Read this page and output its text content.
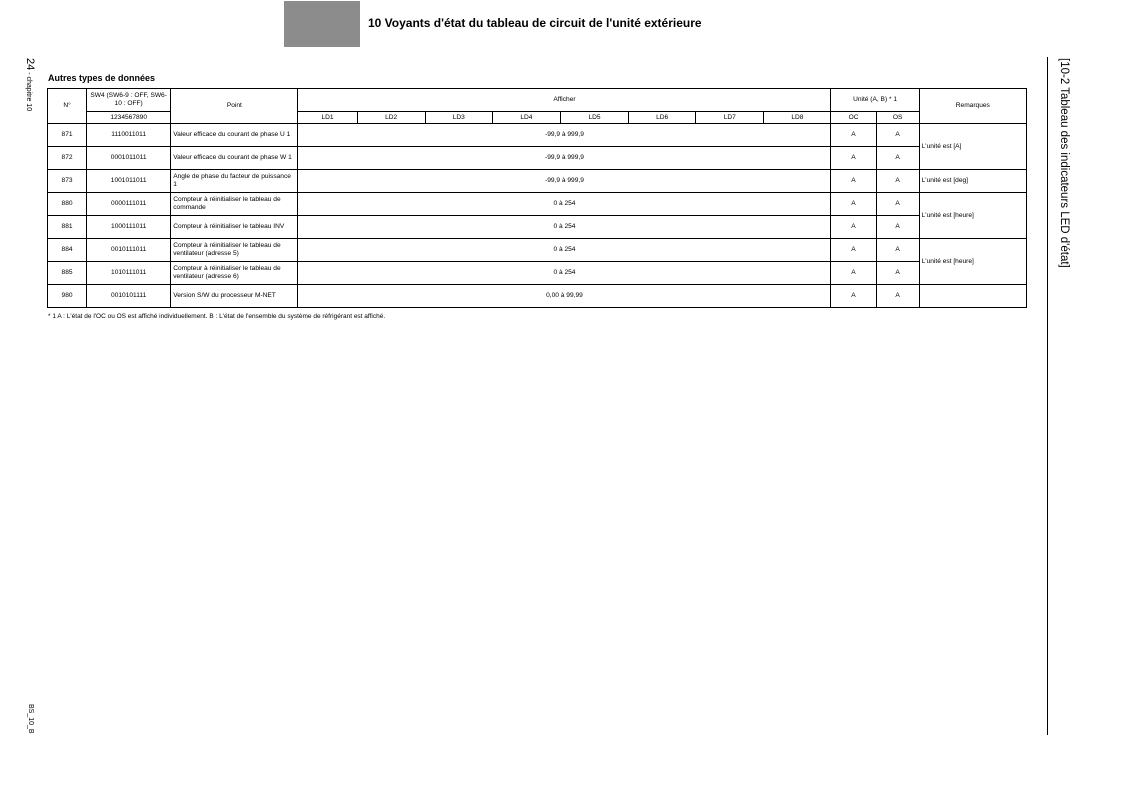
10 Voyants d'état du tableau de circuit de l'unité extérieure
24 - chapitre 10
BS_10_B
[10-2 Tableau des indicateurs LED d'état]
Autres types de données
N°	SW4 (SW6-9 : OFF, SW6-10 : OFF)	Point	Afficher								Unité (A, B) * 1		Remarques
	1234567890		LD1	LD2	LD3	LD4	LD5	LD6	LD7	LD8	OC	OS	
871	1110011011	Valeur efficace du courant de phase U 1	-99,9 à 999,9								A	A	L'unité est [A]
872	0001011011	Valeur efficace du courant de phase W 1	-99,9 à 999,9								A	A	
873	1001011011	Angle de phase du facteur de puissance 1	-99,9 à 999,9								A	A	L'unité est [deg]
880	0000111011	Compteur à réinitialiser le tableau de commande	0 à 254								A	A	L'unité est [heure]
881	1000111011	Compteur à réinitialiser le tableau INV	0 à 254								A	A	
884	0010111011	Compteur à réinitialiser le tableau de ventilateur (adresse 5)	0 à 254								A	A	L'unité est [heure]
885	1010111011	Compteur à réinitialiser le tableau de ventilateur (adresse 6)	0 à 254								A	A	
980	0010101111	Version S/W du processeur M-NET	0,00 à 99,99								A	A	
* 1 A : L'état de l'OC ou OS est affiché individuellement. B : L'état de l'ensemble du système de réfrigérant est affiché.
